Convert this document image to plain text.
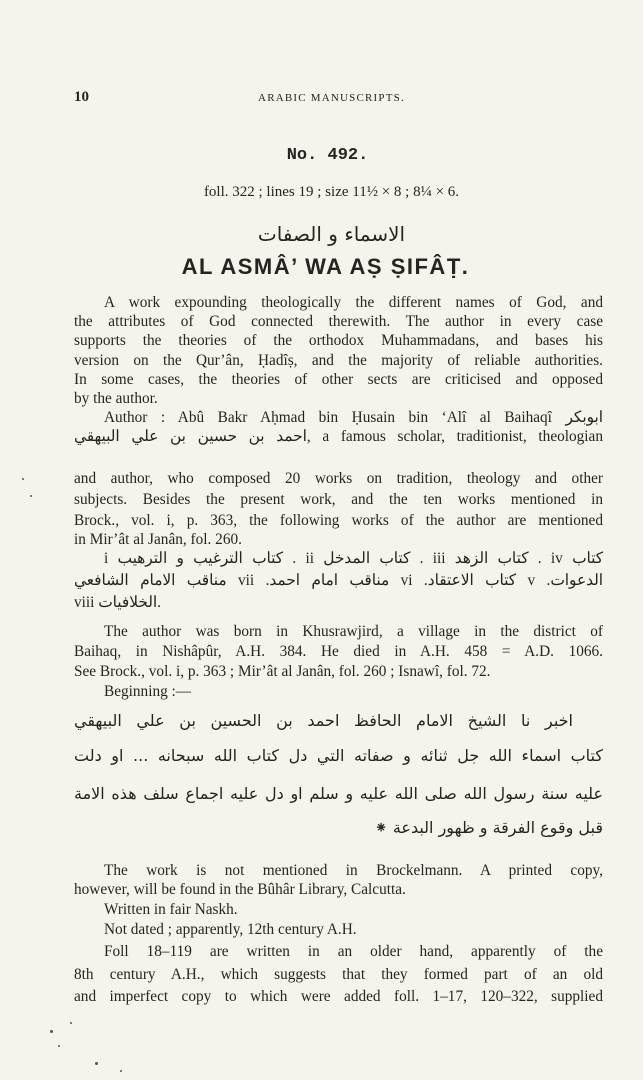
10	ARABIC MANUSCRIPTS.
No. 492.
foll. 322 ; lines 19 ; size 11½ × 8 ; 8¼ × 6.
الاسماء و الصفات
AL ASMÂ’ WA AṢ ṢIFÂṬ.
A work expounding theologically the different names of God, and
the attributes of God connected therewith. The author in every case
supports the theories of the orthodox Muhammadans, and bases his
version on the Qur’ân, Ḥadîṣ, and the majority of reliable authorities.
In some cases, the theories of other sects are criticised and opposed
by the author.
Author : Abû Bakr Aḥmad bin Ḥusain bin ‘Alî al Baihaqî ابوبكر
احمد بن حسين بن علي البيهقي, a famous scholar, traditionist, theologian
and author, who composed 20 works on tradition, theology and other
subjects. Besides the present work, and the ten works mentioned in
Brock., vol. i, p. 363, the following works of the author are mentioned
in Mir’ât al Janân, fol. 260.
i كتاب الترغيب و الترهيب . ii كتاب المدخل . iii كتاب الزهد . iv كتاب
مناقب الامام الشافعي vii .مناقب امام احمد vi .كتاب الاعتقاد v .الدعوات
viii الخلافيات.
The author was born in Khusrawjird, a village in the district of
Baihaq, in Nishâpûr, A.H. 384. He died in A.H. 458 = A.D. 1066.
See Brock., vol. i, p. 363 ; Mir’ât al Janân, fol. 260 ; Isnawî, fol. 72.
Beginning :—
اخبر نا الشيخ الامام الحافظ احمد بن الحسين بن علي البيهقي
كتاب اسماء الله جل ثنائه و صفاته التي دل كتاب الله سبحانه ... او دلت
عليه سنة رسول الله صلى الله عليه و سلم او دل عليه اجماع سلف هذه الامة
قبل وقوع الفرقة و ظهور البدعة ⁕
The work is not mentioned in Brockelmann. A printed copy,
however, will be found in the Bûhâr Library, Calcutta.
Written in fair Naskh.
Not dated ; apparently, 12th century A.H.
Foll 18–119 are written in an older hand, apparently of the
8th century A.H., which suggests that they formed part of an old
and imperfect copy to which were added foll. 1–17, 120–322, supplied
